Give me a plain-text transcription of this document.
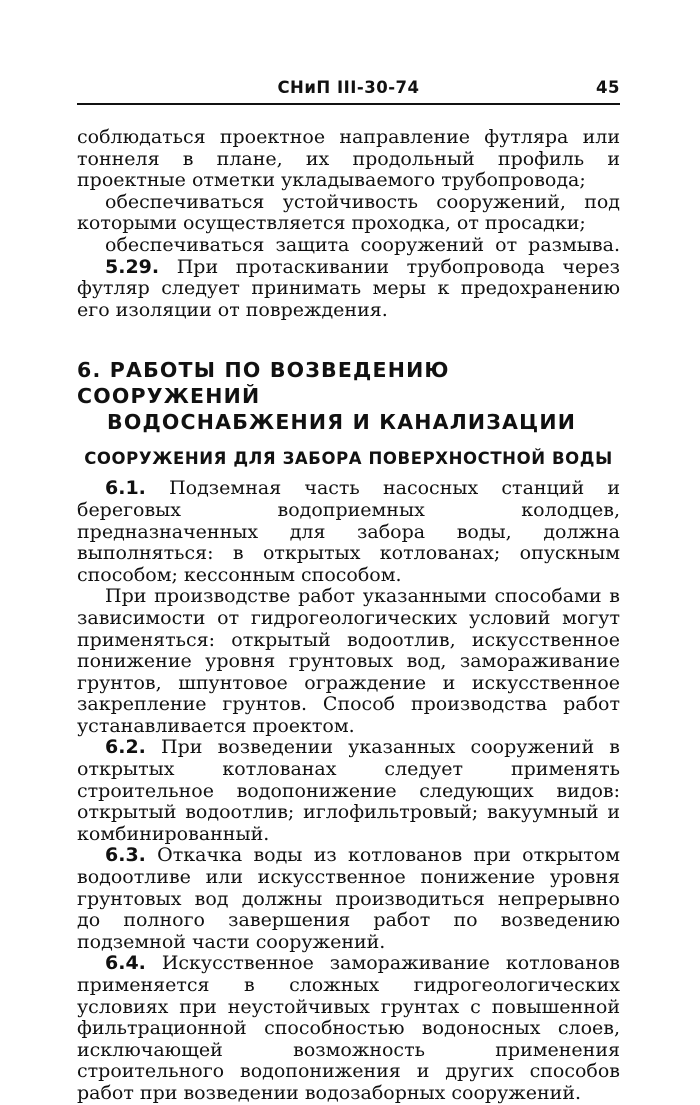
СНиП III-30-74	45

соблюдаться проектное направление футляра или тоннеля в плане, их продольный профиль и проектные отметки укладываемого трубопровода;

обеспечиваться устойчивость сооружений, под которыми осуществляется проходка, от просадки;

обеспечиваться защита сооружений от размыва.

5.29. При протаскивании трубопровода через футляр следует принимать меры к предохранению его изоляции от повреждения.

6. РАБОТЫ ПО ВОЗВЕДЕНИЮ СООРУЖЕНИЙ
ВОДОСНАБЖЕНИЯ И КАНАЛИЗАЦИИ
СООРУЖЕНИЯ ДЛЯ ЗАБОРА ПОВЕРХНОСТНОЙ ВОДЫ

6.1. Подземная часть насосных станций и береговых водоприемных колодцев, предназначенных для забора воды, должна выполняться: в открытых котлованах; опускным способом; кессонным способом.

При производстве работ указанными способами в зависимости от гидрогеологических условий могут применяться: открытый водоотлив, искусственное понижение уровня грунтовых вод, замораживание грунтов, шпунтовое ограждение и искусственное закрепление грунтов. Способ производства работ устанавливается проектом.

6.2. При возведении указанных сооружений в открытых котлованах следует применять строительное водопонижение следующих видов: открытый водоотлив; иглофильтровый; вакуумный и комбинированный.

6.3. Откачка воды из котлованов при открытом водоотливе или искусственное понижение уровня грунтовых вод должны производиться непрерывно до полного завершения работ по возведению подземной части сооружений.

6.4. Искусственное замораживание котлованов применяется в сложных гидрогеологических условиях при неустойчивых грунтах с повышенной фильтрационной способностью водоносных слоев, исключающей возможность применения строительного водопонижения и других способов работ при возведении водозаборных сооружений.
